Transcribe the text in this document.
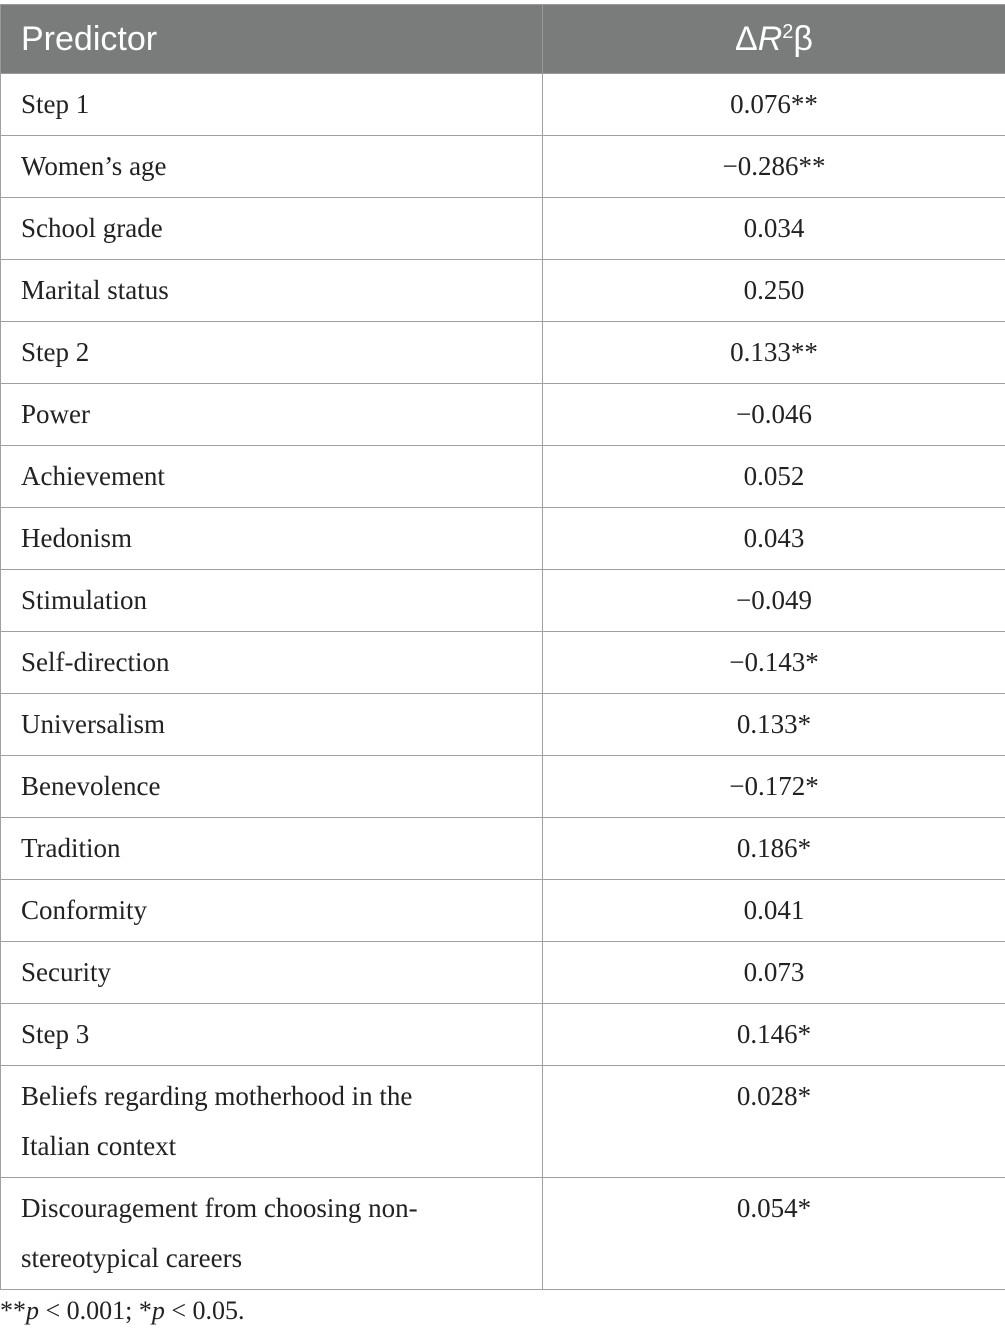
Predictor	$\Delta R^2\beta$
Step 1	0.076**
Women’s age	−0.286**
School grade	0.034
Marital status	0.250
Step 2	0.133**
Power	−0.046
Achievement	0.052
Hedonism	0.043
Stimulation	−0.049
Self-direction	−0.143*
Universalism	0.133*
Benevolence	−0.172*
Tradition	0.186*
Conformity	0.041
Security	0.073
Step 3	0.146*
Beliefs regarding motherhood in the Italian context	0.028*
Discouragement from choosing non-stereotypical careers	0.054*
**p < 0.001; *p < 0.05.
